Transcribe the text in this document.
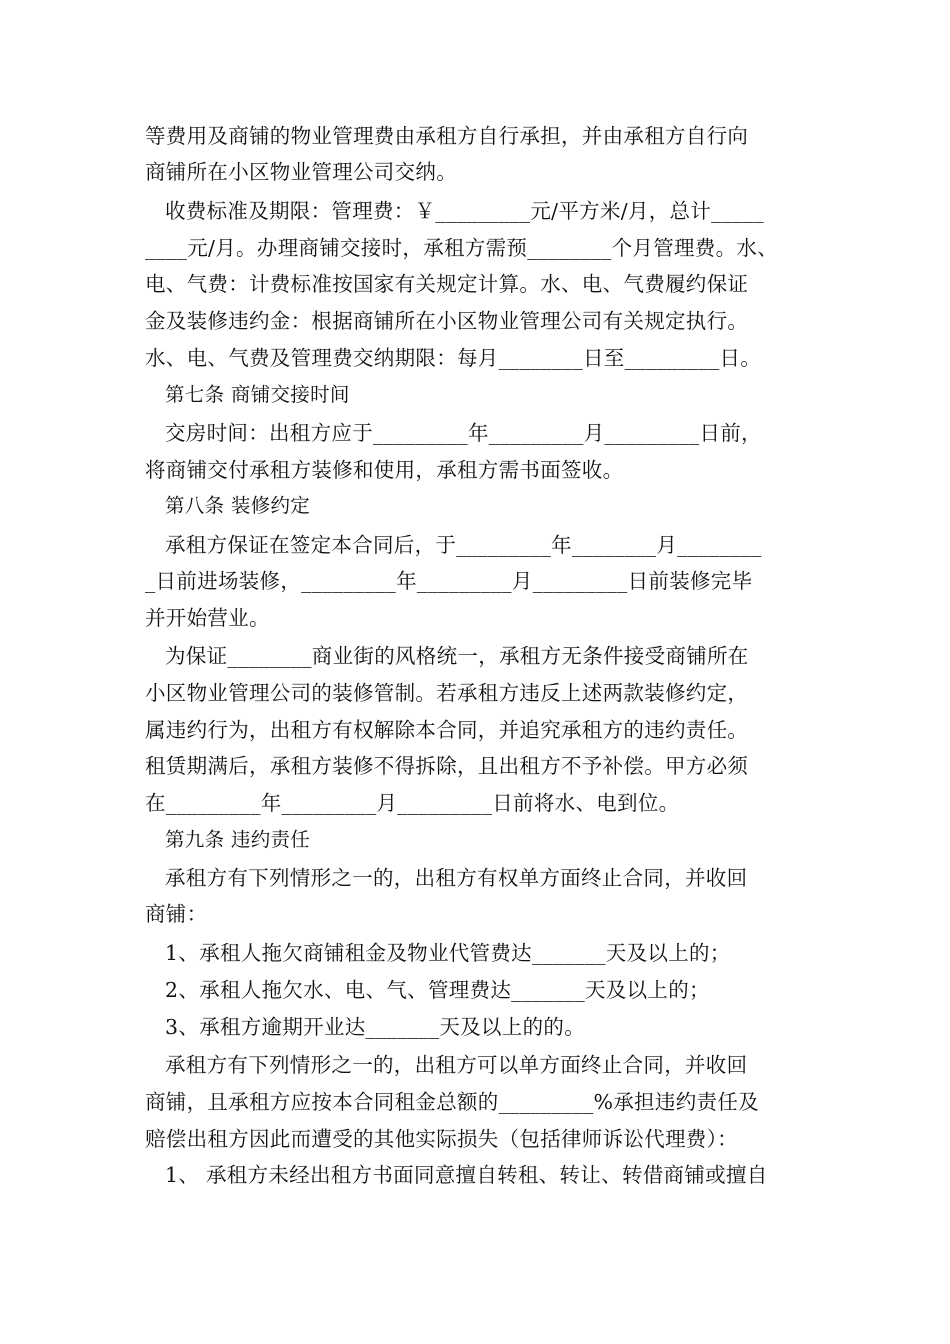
等费用及商铺的物业管理费由承租方自行承担，并由承租方自行向
商铺所在小区物业管理公司交纳。
收费标准及期限：管理费：￥_________元/平方米/月，总计_____
____元/月。办理商铺交接时，承租方需预________个月管理费。水、
电、气费：计费标准按国家有关规定计算。水、电、气费履约保证
金及装修违约金：根据商铺所在小区物业管理公司有关规定执行。
水、电、气费及管理费交纳期限：每月________日至_________日。
第七条 商铺交接时间
交房时间：出租方应于_________年_________月_________日前，
将商铺交付承租方装修和使用，承租方需书面签收。
第八条 装修约定
承租方保证在签定本合同后，于_________年________月________
_日前进场装修，_________年_________月_________日前装修完毕
并开始营业。
为保证________商业街的风格统一，承租方无条件接受商铺所在
小区物业管理公司的装修管制。若承租方违反上述两款装修约定，
属违约行为，出租方有权解除本合同，并追究承租方的违约责任。
租赁期满后，承租方装修不得拆除，且出租方不予补偿。甲方必须
在_________年_________月_________日前将水、电到位。
第九条 违约责任
承租方有下列情形之一的，出租方有权单方面终止合同，并收回
商铺：
1、承租人拖欠商铺租金及物业代管费达_______天及以上的；
2、承租人拖欠水、电、气、管理费达_______天及以上的；
3、承租方逾期开业达_______天及以上的的。
承租方有下列情形之一的，出租方可以单方面终止合同，并收回
商铺，且承租方应按本合同租金总额的_________%承担违约责任及
赔偿出租方因此而遭受的其他实际损失（包括律师诉讼代理费）：
1、 承租方未经出租方书面同意擅自转租、转让、转借商铺或擅自
